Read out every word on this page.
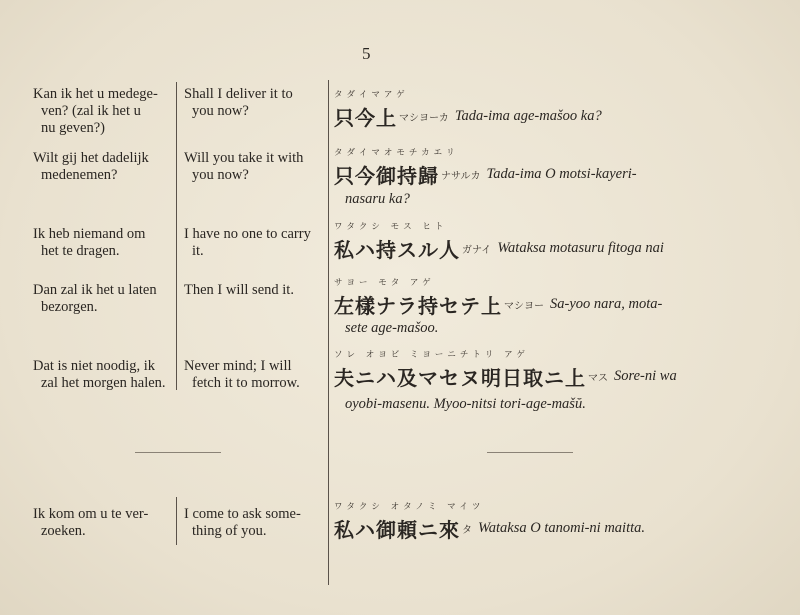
5
Kan ik het u medege-
ven? (zal ik het u
nu geven?)
Shall I deliver it to
you now?
タダイマアゲ
只今上 マシヨーカ Tada-ima age-mašoo ka?
Wilt gij het dadelijk
medenemen?
Will you take it with
you now?
タダイマオモチカエリ
只今御持歸 ナサルカ Tada-ima O motsi-kayeri-
nasaru ka?
Ik heb niemand om
het te dragen.
I have no one to carry
it.
ワタクシ モス ヒト
私ハ持スル人 ガナイ Wataksa motasuru fitoga nai
Dan zal ik het u laten
bezorgen.
Then I will send it.	サヨー モタ アゲ
左樣ナラ持セテ上 マシヨー Sa-yoo nara, mota-
sete age-mašoo.
Dat is niet noodig, ik
zal het morgen halen.
Never mind; I will
fetch it to morrow.
ソレ オヨビ ミヨーニチトリ アゲ
夫ニハ及マセヌ明日取ニ上 マス Sore-ni wa
oyobi-masenu. Myoo-nitsi tori-age-mašŭ.
Ik kom om u te ver-
zoeken.
I come to ask some-
thing of you.
ワタクシ オタノミ マイツ
私ハ御頼ニ來 タ Wataksa O tanomi-ni maitta.
